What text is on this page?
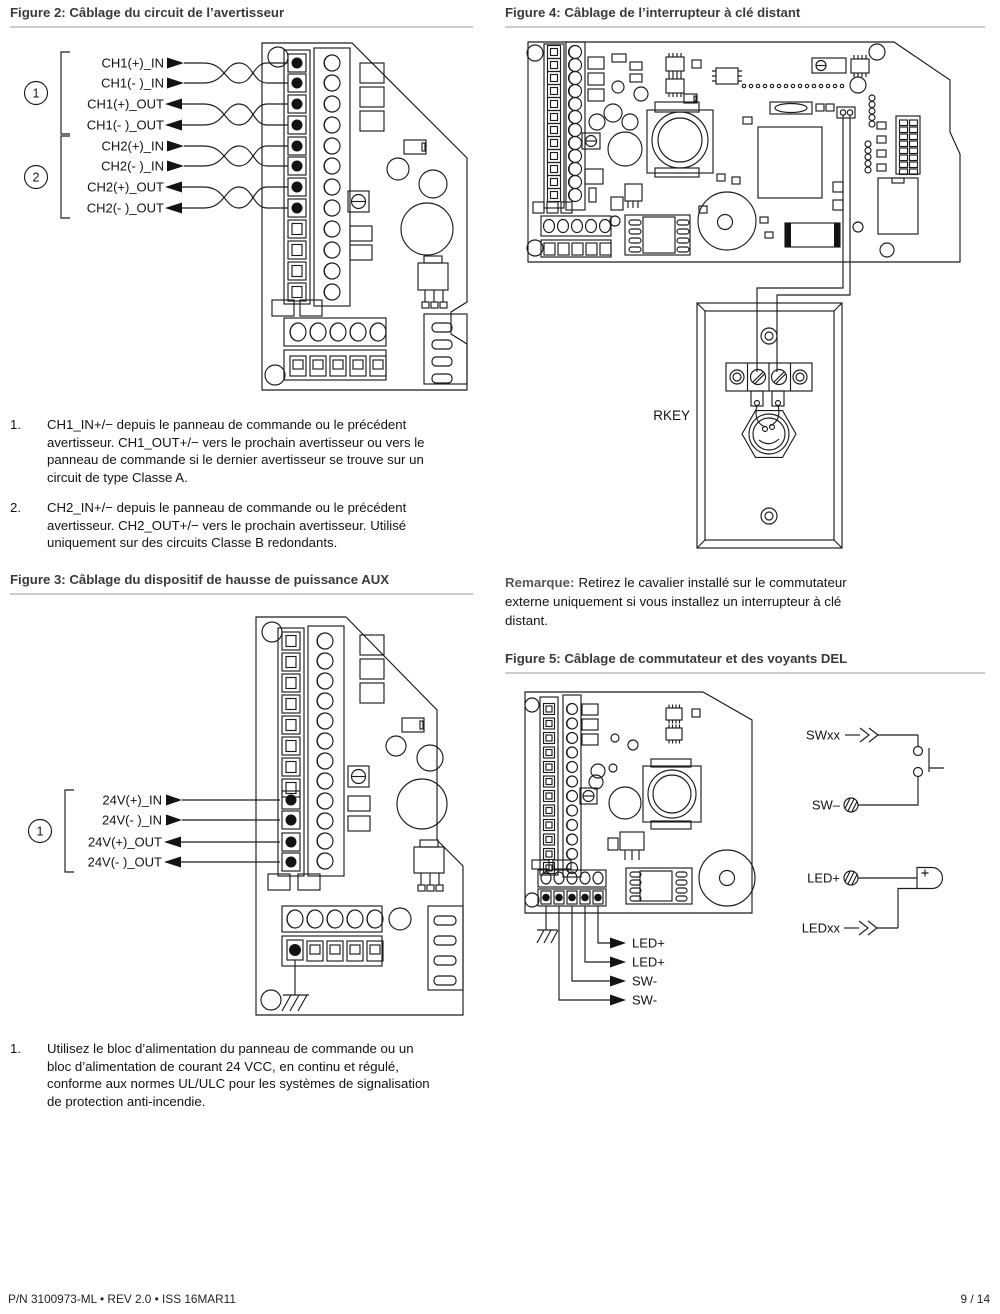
Figure 2: Câblage du circuit de l’avertisseur
CH1(+)_IN
CH1(- )_IN
CH1(+)_OUT
CH1(- )_OUT
CH2(+)_IN
CH2(- )_IN
CH2(+)_OUT
CH2(- )_OUT
1
2
1.	CH1_IN+/− depuis le panneau de commande ou le précédent
avertisseur. CH1_OUT+/− vers le prochain avertisseur ou vers le
panneau de commande si le dernier avertisseur se trouve sur un
circuit de type Classe A.
2.	CH2_IN+/− depuis le panneau de commande ou le précédent
avertisseur. CH2_OUT+/− vers le prochain avertisseur. Utilisé
uniquement sur des circuits Classe B redondants.
Figure 3: Câblage du dispositif de hausse de puissance AUX
24V(+)_IN
24V(- )_IN
24V(+)_OUT
24V(- )_OUT
1
1.	Utilisez le bloc d’alimentation du panneau de commande ou un
bloc d’alimentation de courant 24 VCC, en continu et régulé,
conforme aux normes UL/ULC pour les systèmes de signalisation
de protection anti-incendie.
Figure 4: Câblage de l’interrupteur à clé distant
RKEY
Remarque: Retirez le cavalier installé sur le commutateur
externe uniquement si vous installez un interrupteur à clé
distant.
Figure 5: Câblage de commutateur et des voyants DEL
LED+
LED+
SW-
SW-
SWxx
SW–
LED+
LEDxx
P/N 3100973-ML • REV 2.0 • ISS 16MAR11	9 / 14
